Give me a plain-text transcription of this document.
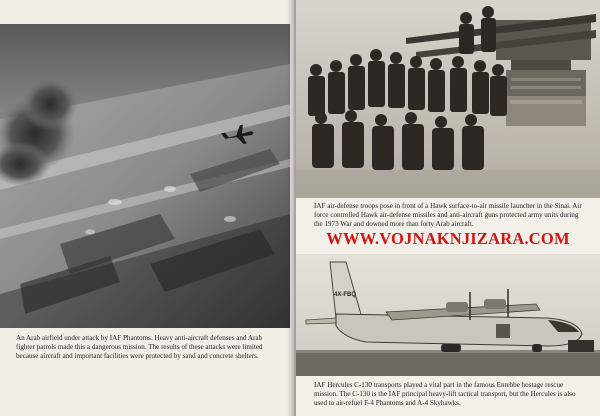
An Arab airfield under attack by IAF Phantoms. Heavy anti-aircraft defenses and Arab fighter patrols made this a dangerous mission. The results of these attacks were limited because aircraft and important facilities were protected by sand and concrete shelters.
IAF air-defense troops pose in front of a Hawk surface-to-air missile launcher in the Sinai. Air force controlled Hawk air-defense missiles and anti-aircraft guns protected army units during the 1973 War and downed more than forty Arab aircraft.
WWW.VOJNAKNJIZARA.COM
4X-FBQ
IAF Hercules C-130 transports played a vital part in the famous Entebbe hostage rescue mission. The C-130 is the IAF principal heavy-lift tactical transport, but the Hercules is also used to air-refuel F-4 Phantoms and A-4 Skyhawks.
